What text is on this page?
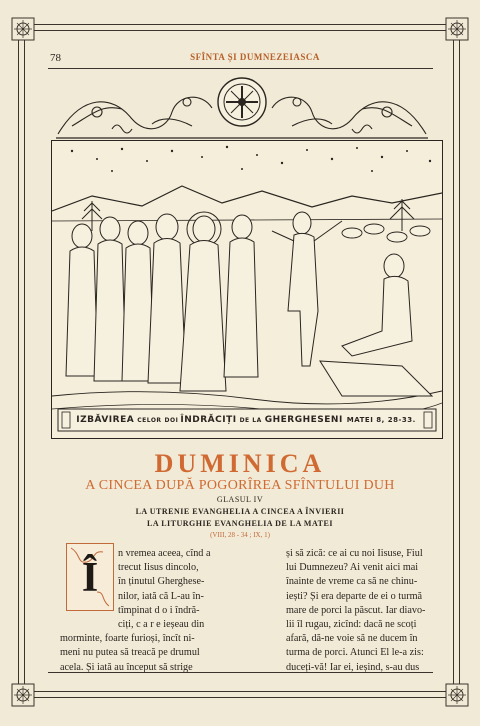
78	SFÎNTA ȘI DUMNEZEIASCA
IZBĂVIREA CELOR DOI ÎNDRĂCIȚI DE LA GHERGHESENI MATEI 8, 28-33.
DUMINICA
A CINCEA DUPĂ POGORÎREA SFÎNTULUI DUH
GLASUL IV
LA UTRENIE EVANGHELIA A CINCEA A ÎNVIERII
LA LITURGHIE EVANGHELIA DE LA MATEI
(VIII, 28 - 34 ; IX, 1)
Î
n vremea aceea, cînd a
trecut Iisus dincolo,
în ținutul Gherghese-
nilor, iată că L-au în-
tîmpinat d o i îndră-
ciți, c a r e ieșeau din
morminte, foarte furioși, încît ni-
meni nu putea să treacă pe drumul
acela. Și iată au început să strige
și să zică: ce ai cu noi Iisuse, Fiul
lui Dumnezeu? Ai venit aici mai
înainte de vreme ca să ne chinu-
iești? Și era departe de ei o turmă
mare de porci la păscut. Iar diavo-
lii îl rugau, zicînd: dacă ne scoți
afară, dă-ne voie să ne ducem în
turma de porci. Atunci El le-a zis:
duceți-vă! Iar ei, ieșind, s-au dus
